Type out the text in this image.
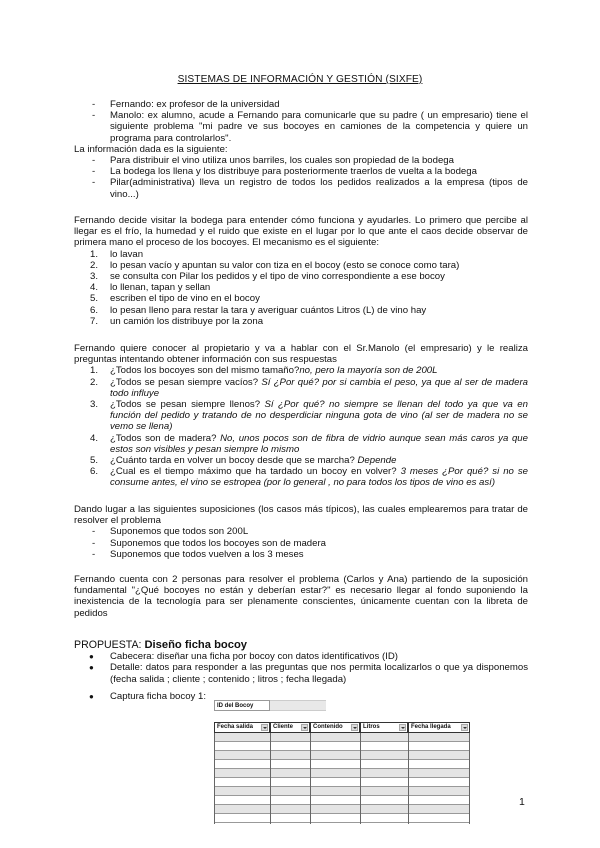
SISTEMAS DE INFORMACIÓN Y GESTIÓN (SIXFE)
- Fernando: ex profesor de la universidad
- Manolo: ex alumno, acude a Fernando para comunicarle que su padre ( un empresario) tiene el siguiente problema "mi padre ve sus bocoyes en camiones de la competencia y quiere un programa para controlarlos".

La información dada es la siguiente:

- Para distribuir el vino utiliza unos barriles, los cuales son propiedad de la bodega
- La bodega los llena y los distribuye para posteriormente traerlos de vuelta a la bodega
- Pilar(administrativa) lleva un registro de todos los pedidos realizados a la empresa (tipos de vino...)

Fernando decide visitar la bodega para entender cómo funciona y ayudarles. Lo primero que percibe al llegar es el frío, la humedad y el ruido que existe en el lugar por lo que ante el caos decide observar de primera mano el proceso de los bocoyes. El mecanismo es el siguiente:

1. lo lavan
2. lo pesan vacío y apuntan su valor con tiza en el bocoy (esto se conoce como tara)
3. se consulta con Pilar los pedidos y el tipo de vino correspondiente a ese bocoy
4. lo llenan, tapan y sellan
5. escriben el tipo de vino en el bocoy
6. lo pesan lleno para restar la tara y averiguar cuántos Litros (L) de vino hay
7. un camión los distribuye por la zona

Fernando quiere conocer al propietario y va a hablar con el Sr.Manolo (el empresario) y le realiza preguntas intentando obtener información con sus respuestas

1. ¿Todos los bocoyes son del mismo tamaño?no, pero la mayoría son de 200L
2. ¿Todos se pesan siempre vacíos? Sí ¿Por qué? por si cambia el peso, ya que al ser de madera todo influye
3. ¿Todos se pesan siempre llenos? Sí ¿Por qué? no siempre se llenan del todo ya que va en función del pedido y tratando de no desperdiciar ninguna gota de vino (al ser de madera no se vemo se llena)
4. ¿Todos son de madera? No, unos pocos son de fibra de vidrio aunque sean más caros ya que estos son visibles y pesan siempre lo mismo
5. ¿Cuánto tarda en volver un bocoy desde que se marcha? Depende
6. ¿Cual es el tiempo máximo que ha tardado un bocoy en volver? 3 meses ¿Por qué? si no se consume antes, el vino se estropea (por lo general , no para todos los tipos de vino es así)

Dando lugar a las siguientes suposiciones (los casos más típicos), las cuales emplearemos para tratar de resolver el problema

- Suponemos que todos son 200L
- Suponemos que todos los bocoyes son de madera
- Suponemos que todos vuelven a los 3 meses

Fernando cuenta con 2 personas para resolver el problema (Carlos y Ana) partiendo de la suposición fundamental "¿Qué bocoyes no están y deberían estar?" es necesario llegar al fondo suponiendo la inexistencia de la tecnología para ser plenamente conscientes, únicamente cuentan con la libreta de pedidos

PROPUESTA: Diseño ficha bocoy

● Cabecera: diseñar una ficha por bocoy con datos identificativos (ID)
● Detalle: datos para responder a las preguntas que nos permita localizarlos o que ya disponemos (fecha salida ; cliente ; contenido ; litros ; fecha llegada)
● Captura ficha bocoy 1:
ID del Bocoy
Fecha salida	Cliente	Contenido	Litros	Fecha llegada
1
